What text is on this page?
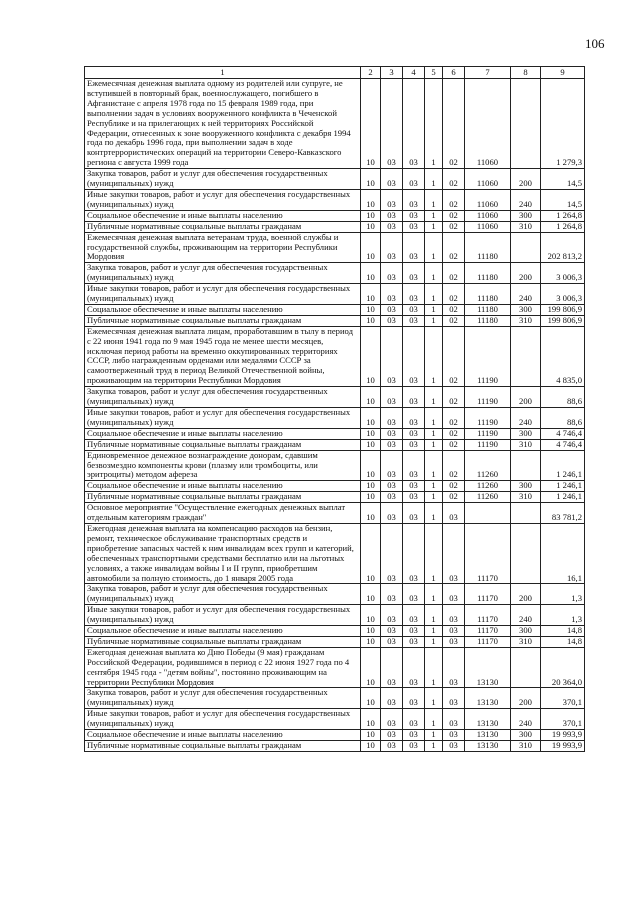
106
1	2	3	4	5	6	7	8	9
Ежемесячная денежная выплата одному из родителей или супруге, не вступившей в повторный брак, военнослужащего, погибшего в Афганистане с апреля 1978 года по 15 февраля 1989 года, при выполнении задач в условиях вооруженного конфликта в Чеченской Республике и на прилегающих к ней территориях Российской Федерации, отнесенных к зоне вооруженного конфликта с декабря 1994 года по декабрь 1996 года, при выполнении задач в ходе контртеррористических операций на территории Северо-Кавказского региона с августа 1999 года	10	03	03	1	02	11060		1 279,3
Закупка товаров, работ и услуг для обеспечения государственных (муниципальных) нужд	10	03	03	1	02	11060	200	14,5
Иные закупки товаров, работ и услуг для обеспечения государственных (муниципальных) нужд	10	03	03	1	02	11060	240	14,5
Социальное обеспечение и иные выплаты населению	10	03	03	1	02	11060	300	1 264,8
Публичные нормативные социальные выплаты гражданам	10	03	03	1	02	11060	310	1 264,8
Ежемесячная денежная выплата ветеранам труда, военной службы и государственной службы, проживающим на территории Республики Мордовия	10	03	03	1	02	11180		202 813,2
Закупка товаров, работ и услуг для обеспечения государственных (муниципальных) нужд	10	03	03	1	02	11180	200	3 006,3
Иные закупки товаров, работ и услуг для обеспечения государственных (муниципальных) нужд	10	03	03	1	02	11180	240	3 006,3
Социальное обеспечение и иные выплаты населению	10	03	03	1	02	11180	300	199 806,9
Публичные нормативные социальные выплаты гражданам	10	03	03	1	02	11180	310	199 806,9
Ежемесячная денежная выплата лицам, проработавшим в тылу в период с 22 июня 1941 года по 9 мая 1945 года не менее шести месяцев, исключая период работы на временно оккупированных территориях СССР, либо награжденным орденами или медалями СССР за самоотверженный труд в период Великой Отечественной войны, проживающим на территории Республики Мордовия	10	03	03	1	02	11190		4 835,0
Закупка товаров, работ и услуг для обеспечения государственных (муниципальных) нужд	10	03	03	1	02	11190	200	88,6
Иные закупки товаров, работ и услуг для обеспечения государственных (муниципальных) нужд	10	03	03	1	02	11190	240	88,6
Социальное обеспечение и иные выплаты населению	10	03	03	1	02	11190	300	4 746,4
Публичные нормативные социальные выплаты гражданам	10	03	03	1	02	11190	310	4 746,4
Единовременное денежное вознаграждение донорам, сдавшим безвозмездно компоненты крови (плазму или тромбоциты, или эритроциты) методом афереза	10	03	03	1	02	11260		1 246,1
Социальное обеспечение и иные выплаты населению	10	03	03	1	02	11260	300	1 246,1
Публичные нормативные социальные выплаты гражданам	10	03	03	1	02	11260	310	1 246,1
Основное мероприятие "Осуществление ежегодных денежных выплат отдельным категориям граждан"	10	03	03	1	03			83 781,2
Ежегодная денежная выплата на компенсацию расходов на бензин, ремонт, техническое обслуживание транспортных средств и приобретение запасных частей к ним инвалидам всех групп и категорий, обеспеченных транспортными средствами бесплатно или на льготных условиях, а также инвалидам войны I и II групп, приобретшим автомобили за полную стоимость, до 1 января 2005 года	10	03	03	1	03	11170		16,1
Закупка товаров, работ и услуг для обеспечения государственных (муниципальных) нужд	10	03	03	1	03	11170	200	1,3
Иные закупки товаров, работ и услуг для обеспечения государственных (муниципальных) нужд	10	03	03	1	03	11170	240	1,3
Социальное обеспечение и иные выплаты населению	10	03	03	1	03	11170	300	14,8
Публичные нормативные социальные выплаты гражданам	10	03	03	1	03	11170	310	14,8
Ежегодная денежная выплата ко Дню Победы (9 мая) гражданам Российской Федерации, родившимся в период с 22 июня 1927 года по 4 сентября 1945 года - "детям войны", постоянно проживающим на территории Республики Мордовия	10	03	03	1	03	13130		20 364,0
Закупка товаров, работ и услуг для обеспечения государственных (муниципальных) нужд	10	03	03	1	03	13130	200	370,1
Иные закупки товаров, работ и услуг для обеспечения государственных (муниципальных) нужд	10	03	03	1	03	13130	240	370,1
Социальное обеспечение и иные выплаты населению	10	03	03	1	03	13130	300	19 993,9
Публичные нормативные социальные выплаты гражданам	10	03	03	1	03	13130	310	19 993,9
